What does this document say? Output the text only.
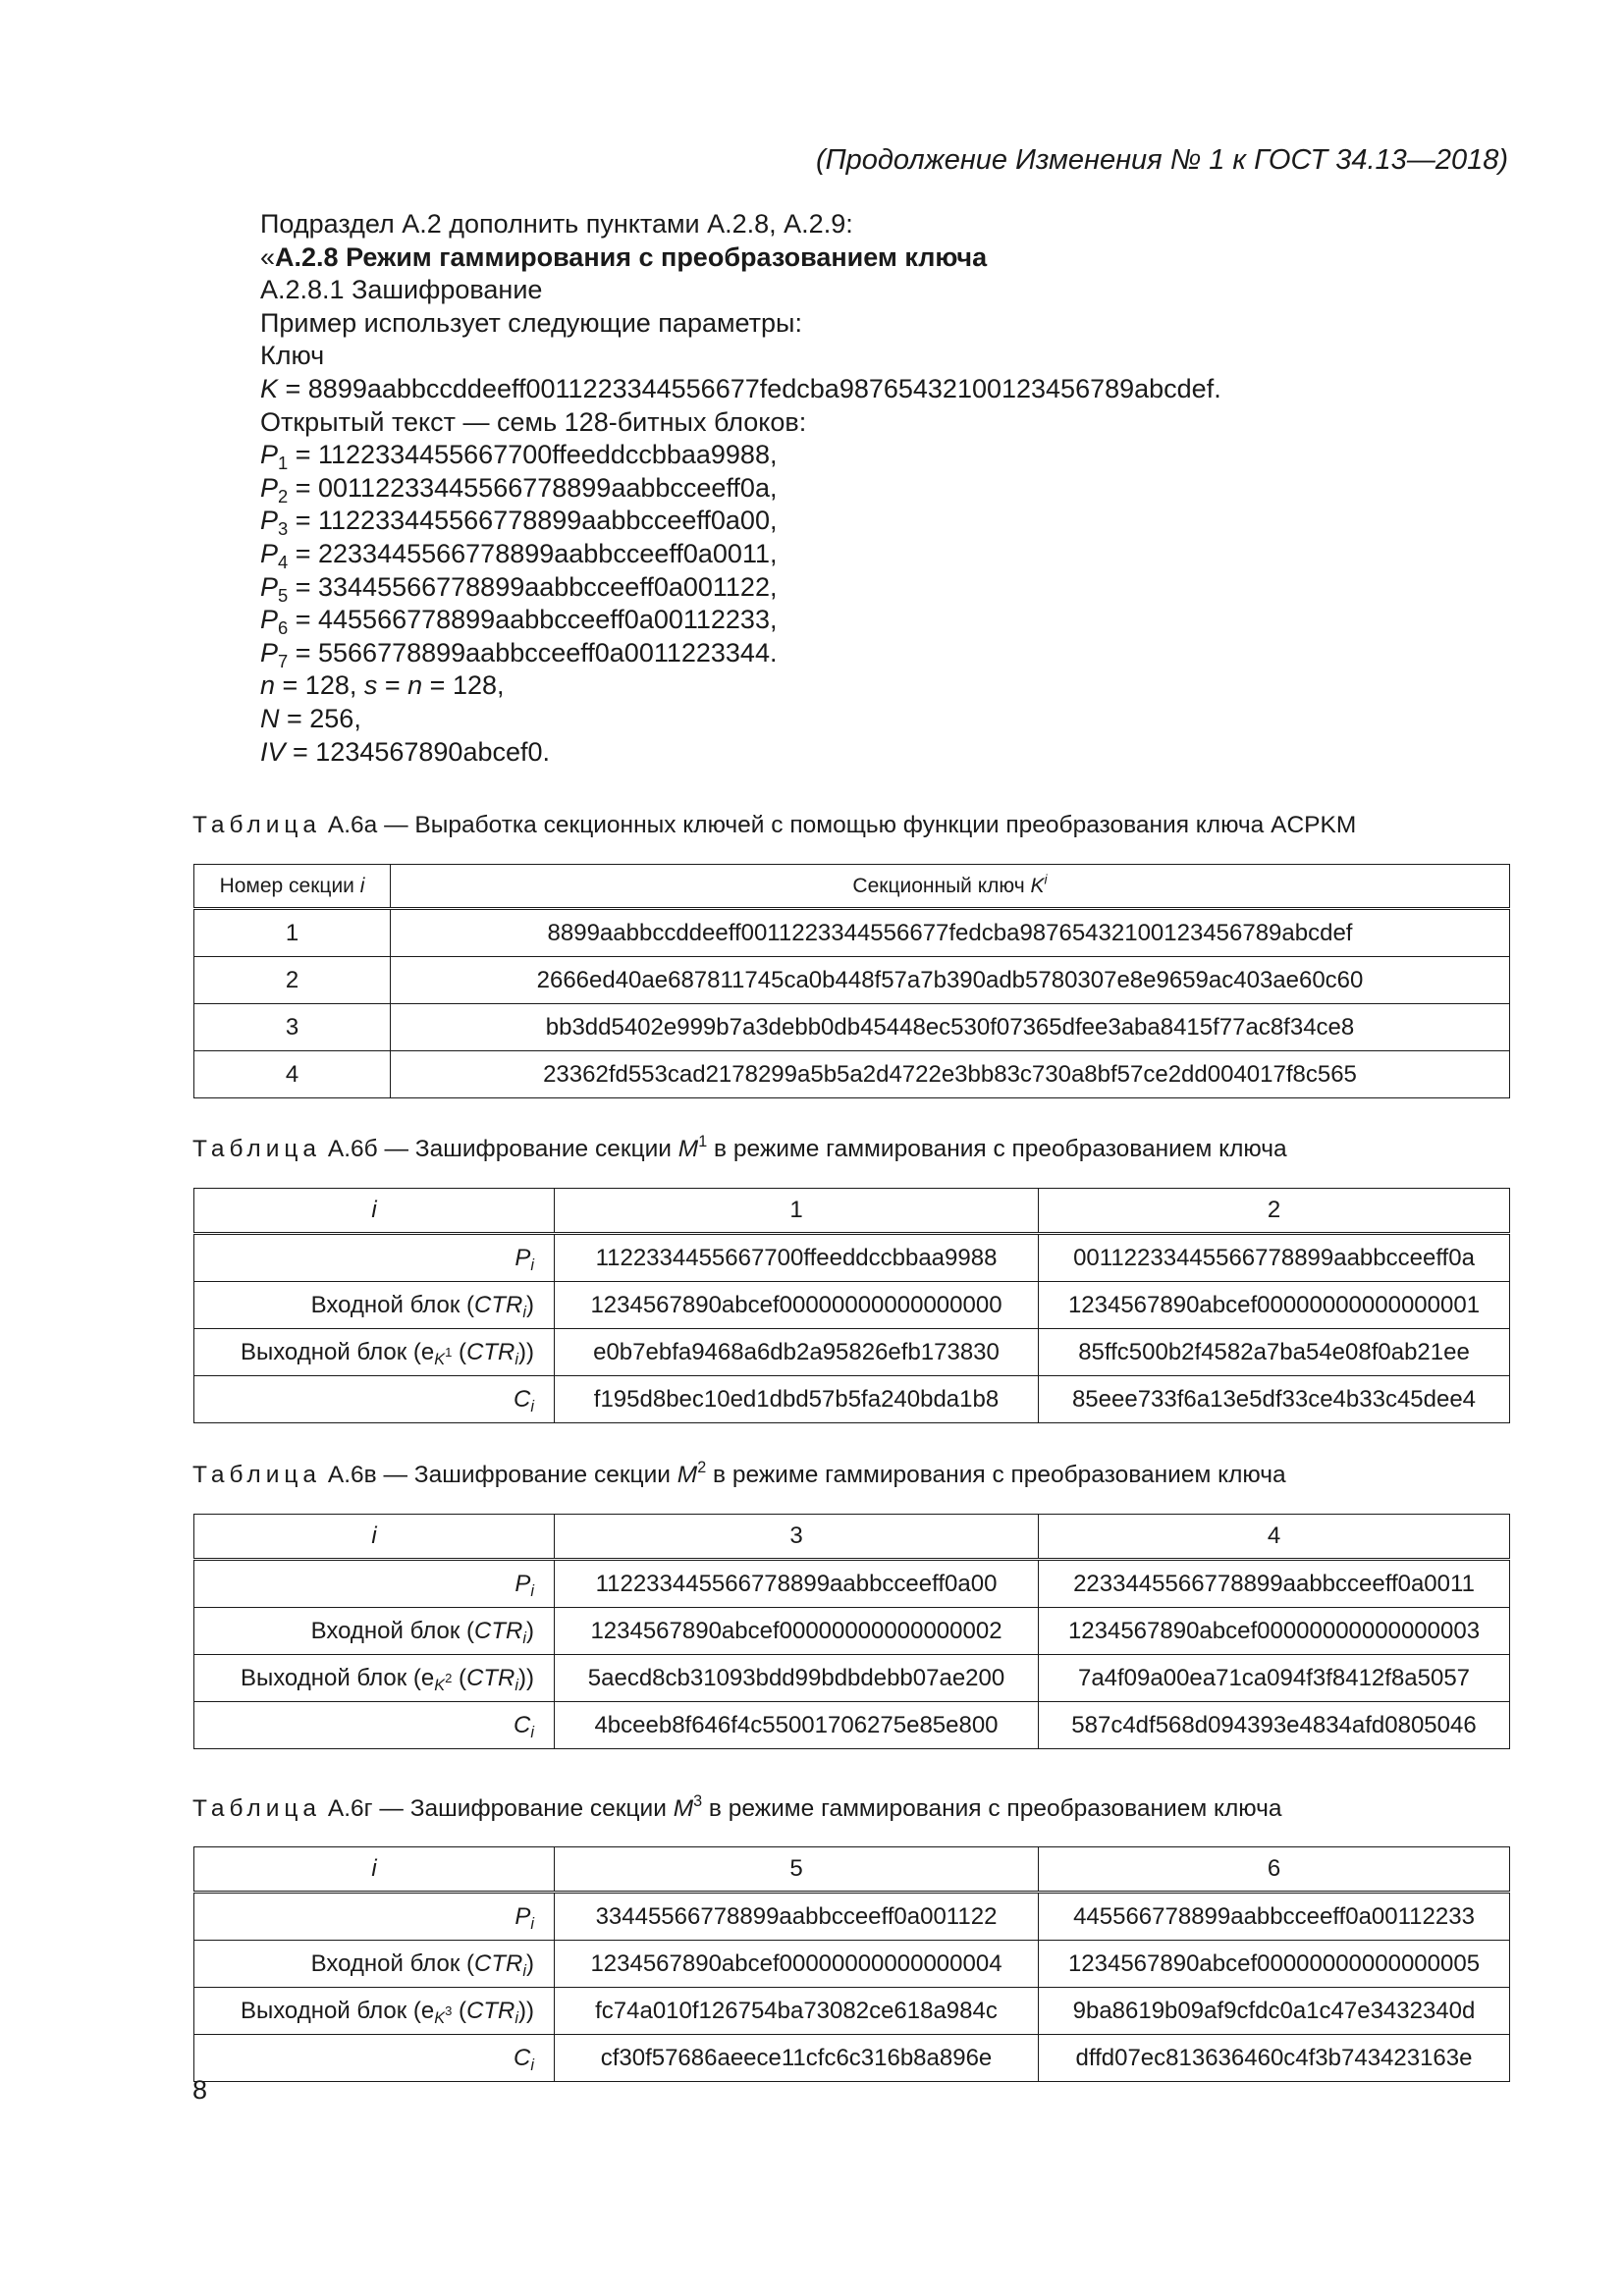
(Продолжение Изменения № 1 к ГОСТ 34.13—2018)
Подраздел А.2 дополнить пунктами А.2.8, А.2.9:
«А.2.8 Режим гаммирования с преобразованием ключа
А.2.8.1 Зашифрование
Пример использует следующие параметры:
Ключ
K = 8899aabbccddeeff0011223344556677fedcba98765432100123456789abcdef.
Открытый текст — семь 128-битных блоков:
$P_1$ = 1122334455667700ffeeddccbbaa9988,
$P_2$ = 00112233445566778899aabbcceeff0a,
$P_3$ = 112233445566778899aabbcceeff0a00,
$P_4$ = 2233445566778899aabbcceeff0a0011,
$P_5$ = 33445566778899aabbcceeff0a001122,
$P_6$ = 445566778899aabbcceeff0a00112233,
$P_7$ = 5566778899aabbcceeff0a0011223344.
n = 128, s = n = 128,
N = 256,
IV = 1234567890abcef0.
Таблица А.6а — Выработка секционных ключей с помощью функции преобразования ключа ACPKM
Номер секции i	Секционный ключ $K^i$
1	8899aabbccddeeff0011223344556677fedcba98765432100123456789abcdef
2	2666ed40ae687811745ca0b448f57a7b390adb5780307e8e9659ac403ae60c60
3	bb3dd5402e999b7a3debb0db45448ec530f07365dfee3aba8415f77ac8f34ce8
4	23362fd553cad2178299a5b5a2d4722e3bb83c730a8bf57ce2dd004017f8c565
Таблица А.6б — Зашифрование секции $M^1$ в режиме гаммирования с преобразованием ключа
i	1	2
$P_i$	1122334455667700ffeeddccbbaa9988	00112233445566778899aabbcceeff0a
Входной блок $(CTR_i)$	1234567890abcef00000000000000000	1234567890abcef00000000000000001
Выходной блок ($e_{K^1}$ $(CTR_i)$)	e0b7ebfa9468a6db2a95826efb173830	85ffc500b2f4582a7ba54e08f0ab21ee
$C_i$	f195d8bec10ed1dbd57b5fa240bda1b8	85eee733f6a13e5df33ce4b33c45dee4
Таблица А.6в — Зашифрование секции $M^2$ в режиме гаммирования с преобразованием ключа
i	3	4
$P_i$	112233445566778899aabbcceeff0a00	2233445566778899aabbcceeff0a0011
Входной блок $(CTR_i)$	1234567890abcef00000000000000002	1234567890abcef00000000000000003
Выходной блок ($e_{K^2}$ $(CTR_i)$)	5aecd8cb31093bdd99bdbdebb07ae200	7a4f09a00ea71ca094f3f8412f8a5057
$C_i$	4bceeb8f646f4c55001706275e85e800	587c4df568d094393e4834afd0805046
Таблица А.6г — Зашифрование секции $M^3$ в режиме гаммирования с преобразованием ключа
i	5	6
$P_i$	33445566778899aabbcceeff0a001122	445566778899aabbcceeff0a00112233
Входной блок $(CTR_i)$	1234567890abcef00000000000000004	1234567890abcef00000000000000005
Выходной блок ($e_{K^3}$ $(CTR_i)$)	fc74a010f126754ba73082ce618a984c	9ba8619b09af9cfdc0a1c47e3432340d
$C_i$	cf30f57686aeece11cfc6c316b8a896e	dffd07ec813636460c4f3b743423163e
8
